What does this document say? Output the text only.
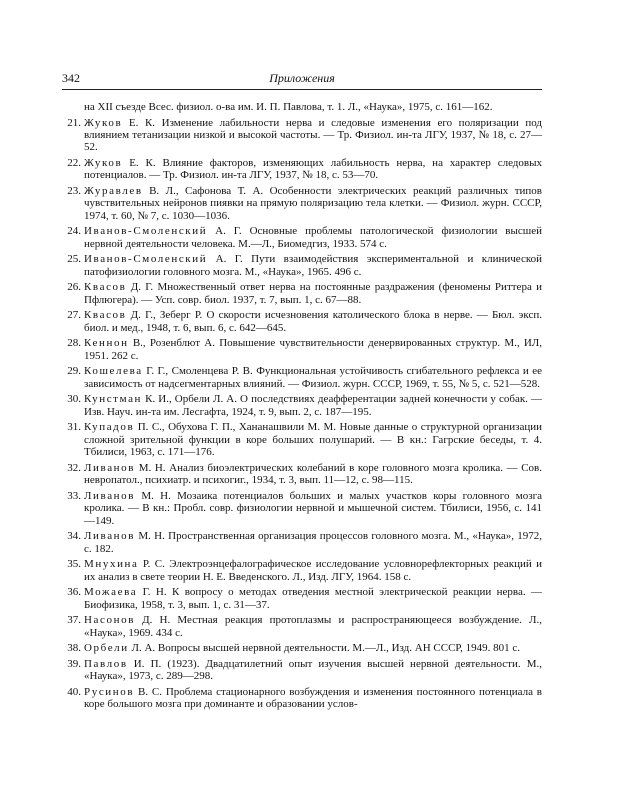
342	Приложения
на XII съезде Всес. физиол. о-ва им. И. П. Павлова, т. 1. Л., «Наука», 1975, с. 161—162.
21. Жуков Е. К. Изменение лабильности нерва и следовые изменения его поляризации под влиянием тетанизации низкой и высокой частоты. — Тр. Физиол. ин-та ЛГУ, 1937, № 18, с. 27—52.
22. Жуков Е. К. Влияние факторов, изменяющих лабильность нерва, на характер следовых потенциалов. — Тр. Физиол. ин-та ЛГУ, 1937, № 18, с. 53—70.
23. Журавлев В. Л., Сафонова Т. А. Особенности электрических реакций различных типов чувствительных нейронов пиявки на прямую поляризацию тела клетки. — Физиол. журн. СССР, 1974, т. 60, № 7, с. 1030—1036.
24. Иванов-Смоленский А. Г. Основные проблемы патологической физиологии высшей нервной деятельности человека. М.—Л., Биомедгиз, 1933. 574 с.
25. Иванов-Смоленский А. Г. Пути взаимодействия экспериментальной и клинической патофизиологии головного мозга. М., «Наука», 1965. 496 с.
26. Квасов Д. Г. Множественный ответ нерва на постоянные раздражения (феномены Риттера и Пфлюгера). — Усп. совр. биол. 1937, т. 7, вып. 1, с. 67—88.
27. Квасов Д. Г., Зеберг Р. О скорости исчезновения католического блока в нерве. — Бюл. эксп. биол. и мед., 1948, т. 6, вып. 6, с. 642—645.
28. Кеннон В., Розенблют А. Повышение чувствительности денервированных структур. М., ИЛ, 1951. 262 с.
29. Кошелева Г. Г., Смоленцева Р. В. Функциональная устойчивость сгибательного рефлекса и ее зависимость от надсегментарных влияний. — Физиол. журн. СССР, 1969, т. 55, № 5, с. 521—528.
30. Кунстман К. И., Орбели Л. А. О последствиях деафферентации задней конечности у собак. — Изв. Науч. ин-та им. Лесгафта, 1924, т. 9, вып. 2, с. 187—195.
31. Купадов П. С., Обухова Г. П., Хананашвили М. М. Новые данные о структурной организации сложной зрительной функции в коре больших полушарий. — В кн.: Гагрские беседы, т. 4. Тбилиси, 1963, с. 171—176.
32. Ливанов М. Н. Анализ биоэлектрических колебаний в коре головного мозга кролика. — Сов. невропатол., психиатр. и психогиг., 1934, т. 3, вып. 11—12, с. 98—115.
33. Ливанов М. Н. Мозаика потенциалов больших и малых участков коры головного мозга кролика. — В кн.: Пробл. совр. физиологии нервной и мышечной систем. Тбилиси, 1956, с. 141—149.
34. Ливанов М. Н. Пространственная организация процессов головного мозга. М., «Наука», 1972, с. 182.
35. Мнухина Р. С. Электроэнцефалографическое исследование условнорефлекторных реакций и их анализ в свете теории Н. Е. Введенского. Л., Изд. ЛГУ, 1964. 158 с.
36. Можаева Г. Н. К вопросу о методах отведения местной электрической реакции нерва. — Биофизика, 1958, т. 3, вып. 1, с. 31—37.
37. Насонов Д. Н. Местная реакция протоплазмы и распространяющееся возбуждение. Л., «Наука», 1969. 434 с.
38. Орбели Л. А. Вопросы высшей нервной деятельности. М.—Л., Изд. АН СССР, 1949. 801 с.
39. Павлов И. П. (1923). Двадцатилетний опыт изучения высшей нервной деятельности. М., «Наука», 1973, с. 289—298.
40. Русинов В. С. Проблема стационарного возбуждения и изменения постоянного потенциала в коре большого мозга при доминанте и образовании услов-
